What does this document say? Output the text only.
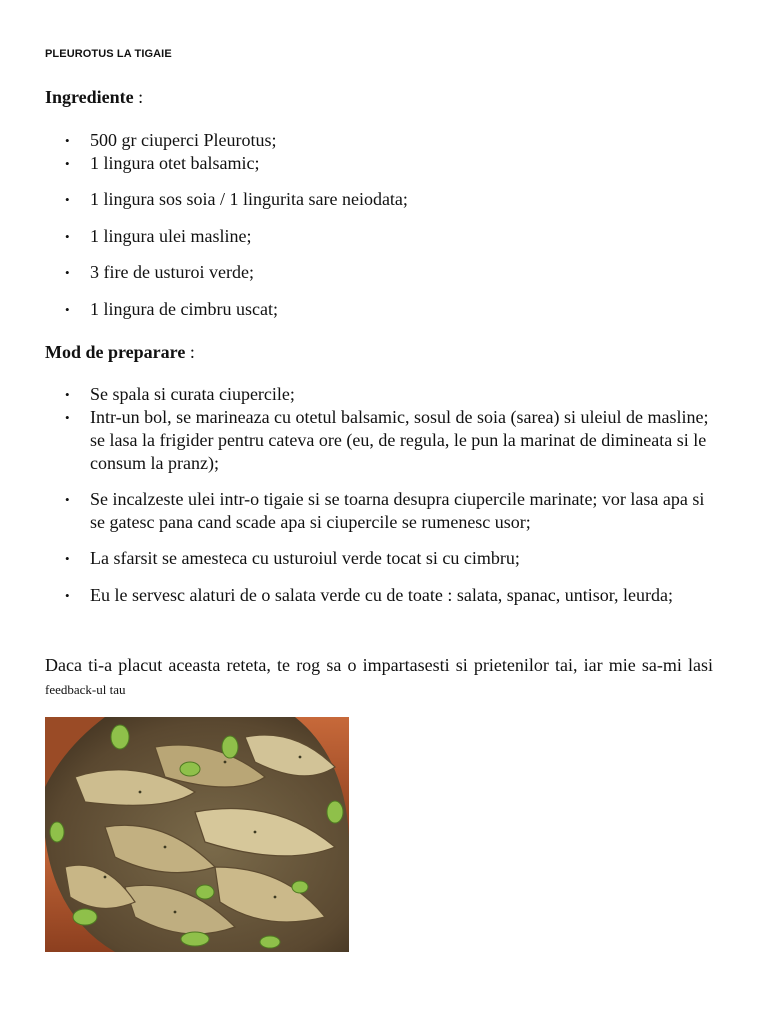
PLEUROTUS LA TIGAIE
Ingrediente :
•
500 gr ciuperci Pleurotus;
•
1 lingura otet balsamic;
•
1 lingura sos soia / 1 lingurita sare neiodata;
•
1 lingura ulei masline;
•
3 fire de usturoi verde;
•
1 lingura de cimbru uscat;
Mod de preparare :
•
Se spala si curata ciupercile;
•
Intr-un bol, se marineaza cu otetul balsamic, sosul de soia (sarea) si uleiul de masline; se lasa la frigider pentru cateva ore (eu, de regula, le pun la marinat de dimineata si le consum la pranz);
•
Se incalzeste ulei intr-o tigaie si se toarna desupra ciupercile marinate; vor lasa apa si se gatesc pana cand scade apa si ciupercile se rumenesc usor;
•
La sfarsit se amesteca cu usturoiul verde tocat si cu cimbru;
•
Eu le servesc alaturi de o salata verde cu de toate : salata, spanac, untisor, leurda;
Daca ti-a placut aceasta reteta, te rog sa o impartasesti si prietenilor tai, iar mie sa-mi lasi feedback-ul tau
